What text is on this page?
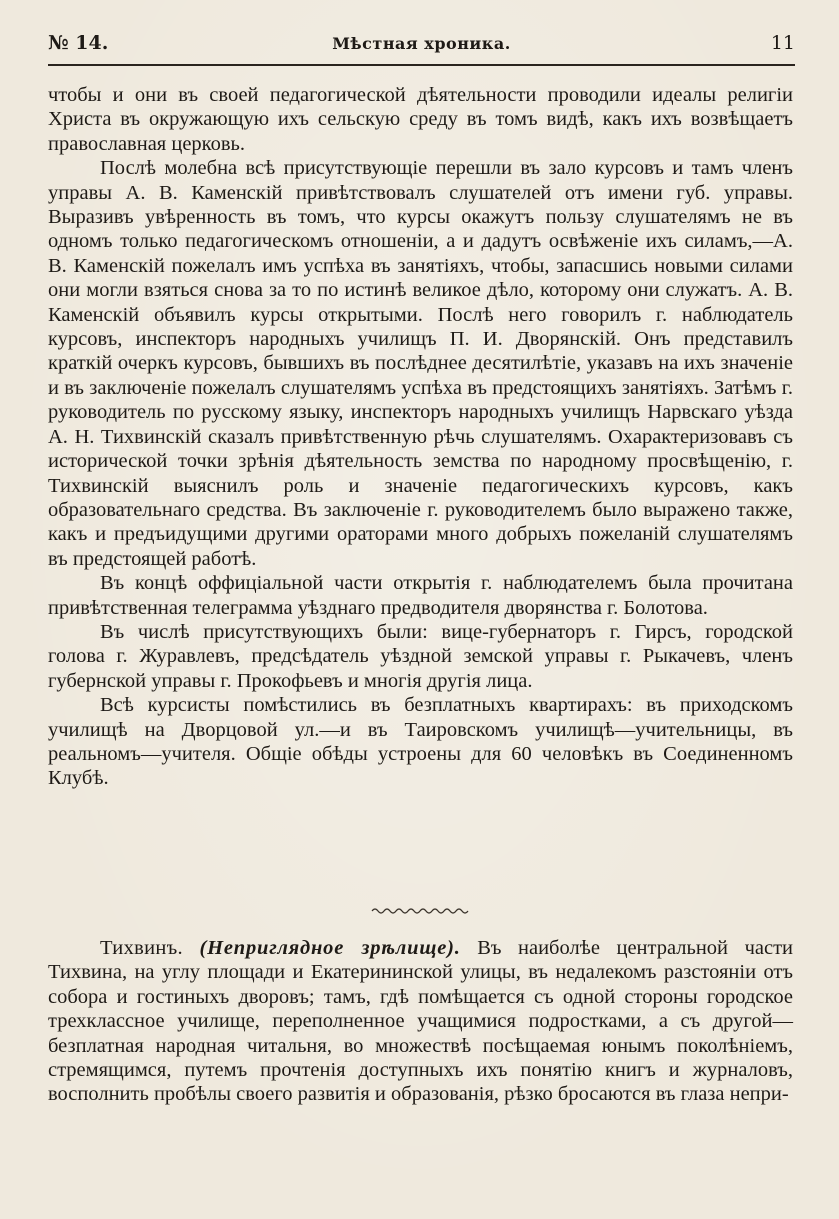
№ 14.	Мѣстная хроника.	11

чтобы и они въ своей педагогической дѣятельности проводили идеалы религіи Христа въ окружающую ихъ сельскую среду въ томъ видѣ, какъ ихъ возвѣщаетъ православная церковь.

Послѣ молебна всѣ присутствующіе перешли въ зало курсовъ и тамъ членъ управы А. В. Каменскій привѣтствовалъ слушателей отъ имени губ. управы. Выразивъ увѣренность въ томъ, что курсы окажутъ пользу слушателямъ не въ одномъ только педагогическомъ отношеніи, а и дадутъ освѣженіе ихъ силамъ,—А. В. Каменскій пожелалъ имъ успѣха въ занятіяхъ, чтобы, запасшись новыми силами они могли взяться снова за то по истинѣ великое дѣло, которому они служатъ. А. В. Каменскій объявилъ курсы открытыми. Послѣ него говорилъ г. наблюдатель курсовъ, инспекторъ народныхъ училищъ П. И. Дворянскій. Онъ представилъ краткій очеркъ курсовъ, бывшихъ въ послѣднее десятилѣтіе, указавъ на ихъ значеніе и въ заключеніе пожелалъ слушателямъ успѣха въ предстоящихъ занятіяхъ. Затѣмъ г. руководитель по русскому языку, инспекторъ народныхъ училищъ Нарвскаго уѣзда А. Н. Тихвинскій сказалъ привѣтственную рѣчь слушателямъ. Охарактеризовавъ съ исторической точки зрѣнія дѣятельность земства по народному просвѣщенію, г. Тихвинскій выяснилъ роль и значеніе педагогическихъ курсовъ, какъ образовательнаго средства. Въ заключеніе г. руководителемъ было выражено также, какъ и предъидущими другими ораторами много добрыхъ пожеланій слушателямъ въ предстоящей работѣ.

Въ концѣ оффиціальной части открытія г. наблюдателемъ была прочитана привѣтственная телеграмма уѣзднаго предводителя дворянства г. Болотова.

Въ числѣ присутствующихъ были: вице-губернаторъ г. Гирсъ, городской голова г. Журавлевъ, предсѣдатель уѣздной земской управы г. Рыкачевъ, членъ губернской управы г. Прокофьевъ и многія другія лица.

Всѣ курсисты помѣстились въ безплатныхъ квартирахъ: въ приходскомъ училищѣ на Дворцовой ул.—и въ Таировскомъ училищѣ—учительницы, въ реальномъ—учителя. Общіе обѣды устроены для 60 человѣкъ въ Соединенномъ Клубѣ.

Тихвинъ. (Непригл​ядное зрѣлище). Въ наиболѣе центральной части Тихвина, на углу площади и Екатерининской улицы, въ недалекомъ разстояніи отъ собора и гостиныхъ дворовъ; тамъ, гдѣ помѣщается съ одной стороны городское трехклассное училище, переполненное учащимися подростками, а съ другой—безплатная народная читальня, во множествѣ посѣщаемая юнымъ поколѣніемъ, стремящимся, путемъ прочтенія доступныхъ ихъ понятію книгъ и журналовъ, восполнить пробѣлы своего развитія и образованія, рѣзко бросаются въ глаза непри-
